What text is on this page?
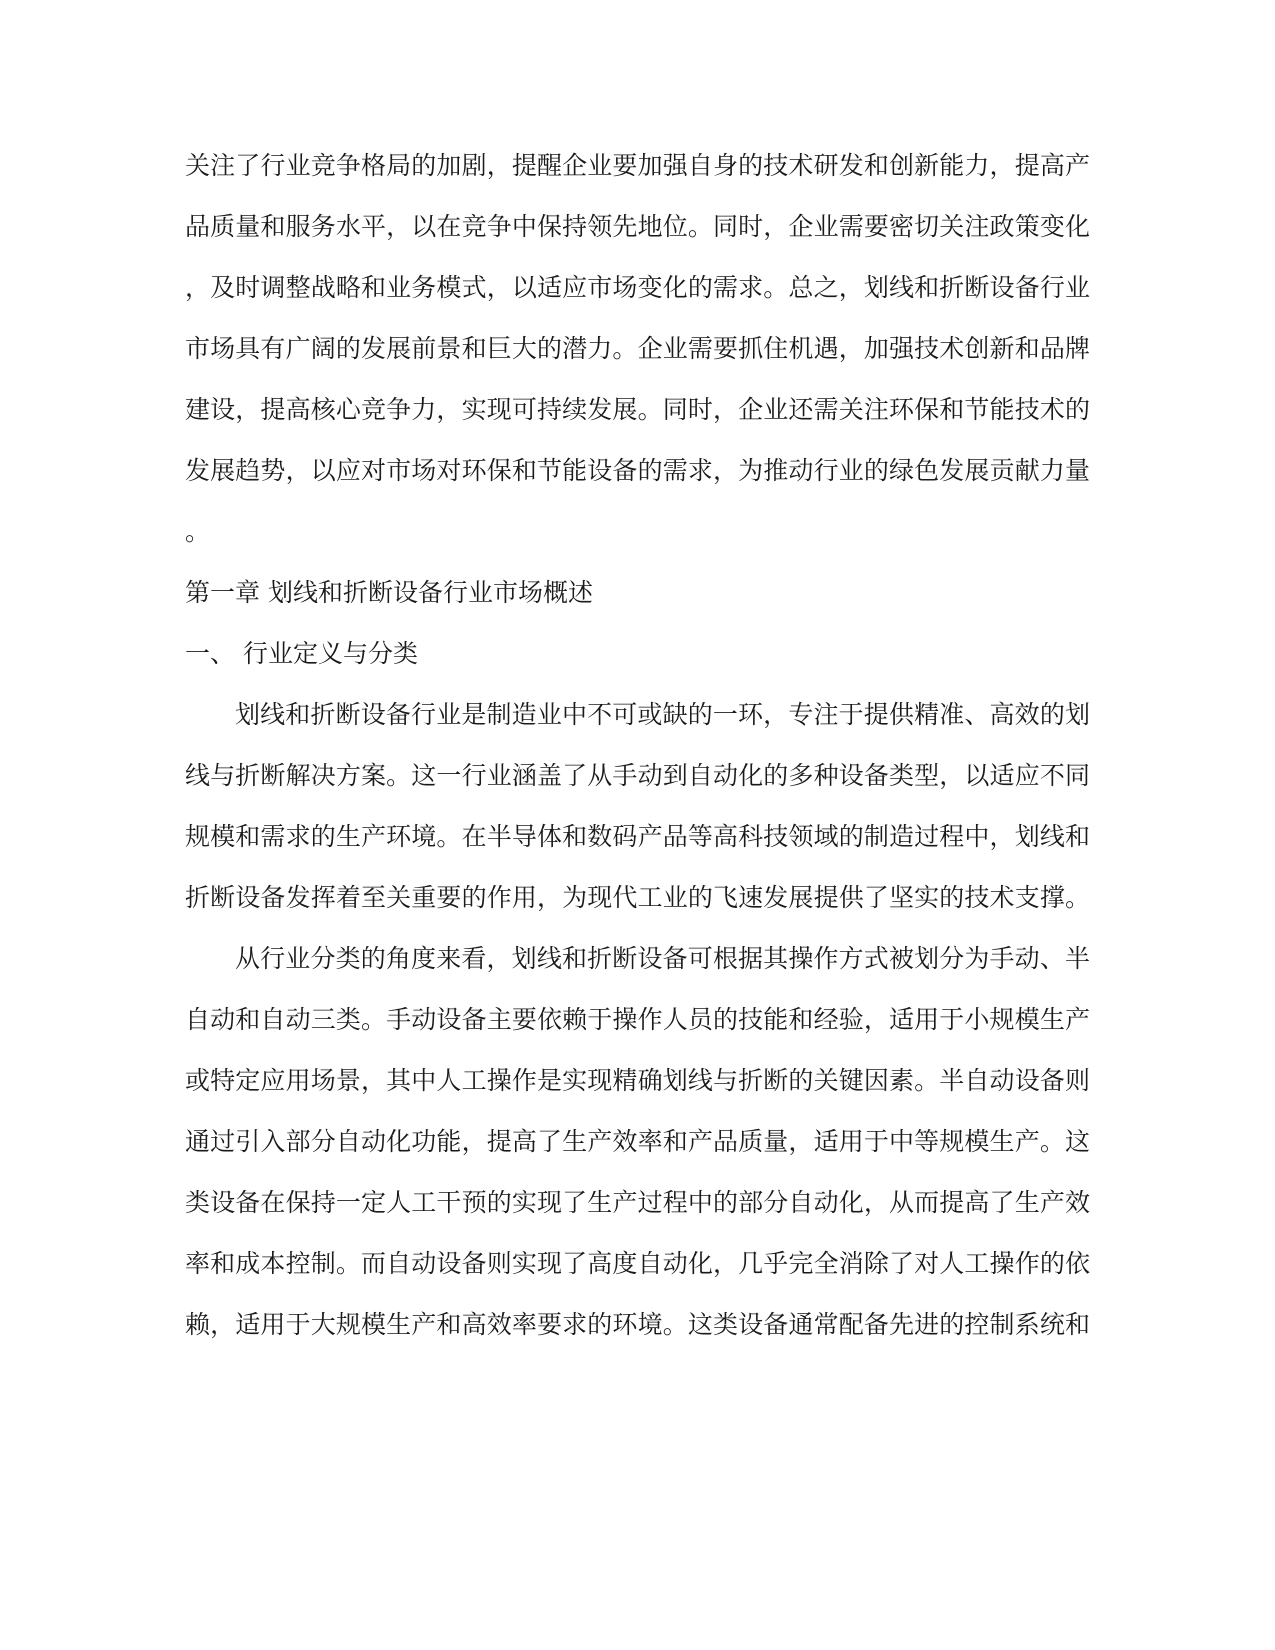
关注了行业竞争格局的加剧，提醒企业要加强自身的技术研发和创新能力，提高产
品质量和服务水平，以在竞争中保持领先地位。同时，企业需要密切关注政策变化
，及时调整战略和业务模式，以适应市场变化的需求。总之，划线和折断设备行业
市场具有广阔的发展前景和巨大的潜力。企业需要抓住机遇，加强技术创新和品牌
建设，提高核心竞争力，实现可持续发展。同时，企业还需关注环保和节能技术的
发展趋势，以应对市场对环保和节能设备的需求，为推动行业的绿色发展贡献力量
。
第一章 划线和折断设备行业市场概述
一、 行业定义与分类
划线和折断设备行业是制造业中不可或缺的一环，专注于提供精准、高效的划
线与折断解决方案。这一行业涵盖了从手动到自动化的多种设备类型，以适应不同
规模和需求的生产环境。在半导体和数码产品等高科技领域的制造过程中，划线和
折断设备发挥着至关重要的作用，为现代工业的飞速发展提供了坚实的技术支撑。
从行业分类的角度来看，划线和折断设备可根据其操作方式被划分为手动、半
自动和自动三类。手动设备主要依赖于操作人员的技能和经验，适用于小规模生产
或特定应用场景，其中人工操作是实现精确划线与折断的关键因素。半自动设备则
通过引入部分自动化功能，提高了生产效率和产品质量，适用于中等规模生产。这
类设备在保持一定人工干预的实现了生产过程中的部分自动化，从而提高了生产效
率和成本控制。而自动设备则实现了高度自动化，几乎完全消除了对人工操作的依
赖，适用于大规模生产和高效率要求的环境。这类设备通常配备先进的控制系统和
